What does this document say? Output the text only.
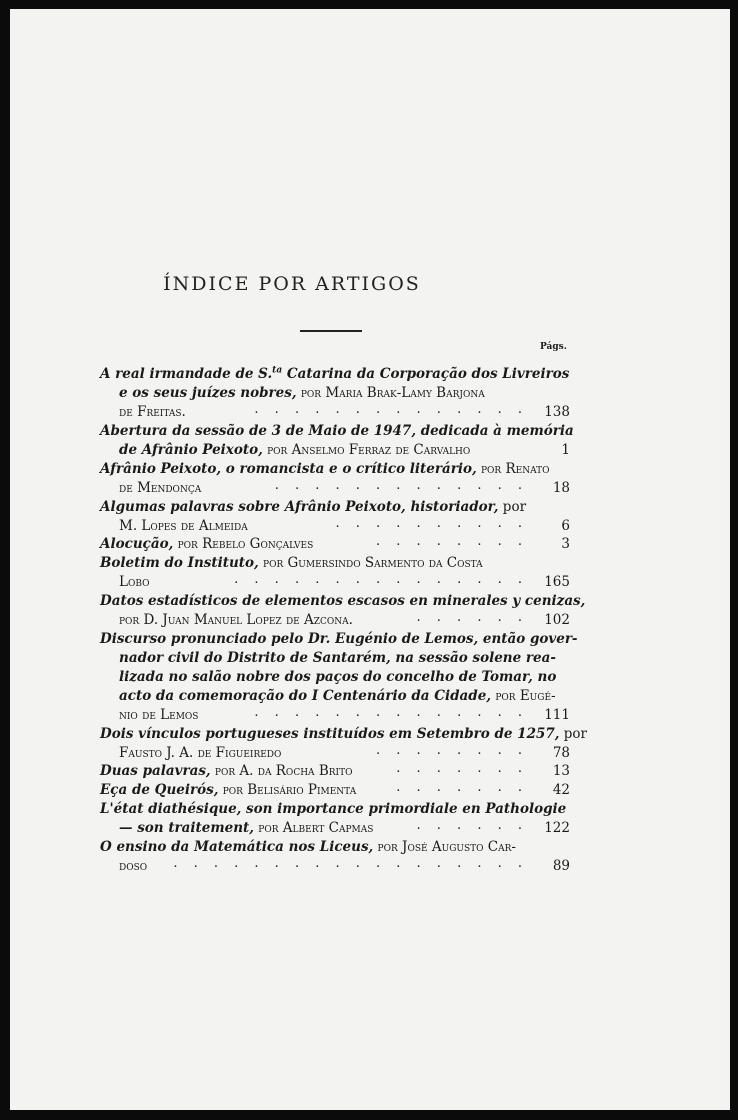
ÍNDICE POR ARTIGOS
Págs.
A real irmandade de S.$^{ta}$ Catarina da Corporação dos Livreiros
e os seus juízes nobres, por Maria Brak-Lamy Barjona
de Freitas.	. . . . . . . . . . . . . .	138
Abertura da sessão de 3 de Maio de 1947, dedicada à memória
de Afrânio Peixoto, por Anselmo Ferraz de Carvalho	1
Afrânio Peixoto, o romancista e o crítico literário, por Renato
de Mendonça	. . . . . . . . . . . . .	18
Algumas palavras sobre Afrânio Peixoto, historiador, por
M. Lopes de Almeida	. . . . . . . . . .	6
Alocução, por Rebelo Gonçalves	. . . . . . . .	3
Boletim do Instituto, por Gumersindo Sarmento da Costa
Lobo	. . . . . . . . . . . . . . .	165
Datos estadísticos de elementos escasos en minerales y cenizas,
por D. Juan Manuel Lopez de Azcona.	. . . . . .	102
Discurso pronunciado pelo Dr. Eugénio de Lemos, então gover-
nador civil do Distrito de Santarém, na sessão solene rea-
lizada no salão nobre dos paços do concelho de Tomar, no
acto da comemoração do I Centenário da Cidade, por Eugé-
nio de Lemos	. . . . . . . . . . . . . .	111
Dois vínculos portugueses instituídos em Setembro de 1257, por
Fausto J. A. de Figueiredo	. . . . . . . .	78
Duas palavras, por A. da Rocha Brito	. . . . . . .	13
Eça de Queirós, por Belisário Pimenta	. . . . . . .	42
L'état diathésique, son importance primordiale en Pathologie
— son traitement, por Albert Capmas	. . . . . .	122
O ensino da Matemática nos Liceus, por José Augusto Car-
doso . . . . . . . . . . . . . . . . . .	89
